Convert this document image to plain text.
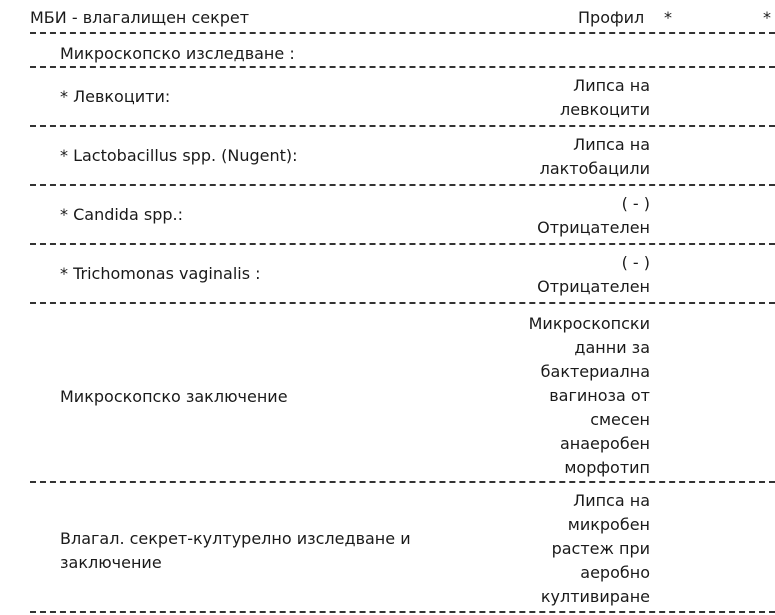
МБИ - влагалищен секрет	Профил *	*
Микроскопско изследване :
* Левкоцити:
Липса на
левкоцити
* Lactobacillus spp. (Nugent):
Липса на
лактобацили
* Candida spp.:
( - )
Отрицателен
* Trichomonas vaginalis :
( - )
Отрицателен
Микроскопско заключение
Микроскопски
данни за
бактериална
вагиноза от
смесен
анаеробен
морфотип
Влагал. секрет-културелно изследване и
заключение
Липса на
микробен
растеж при
аеробно
култивиране
